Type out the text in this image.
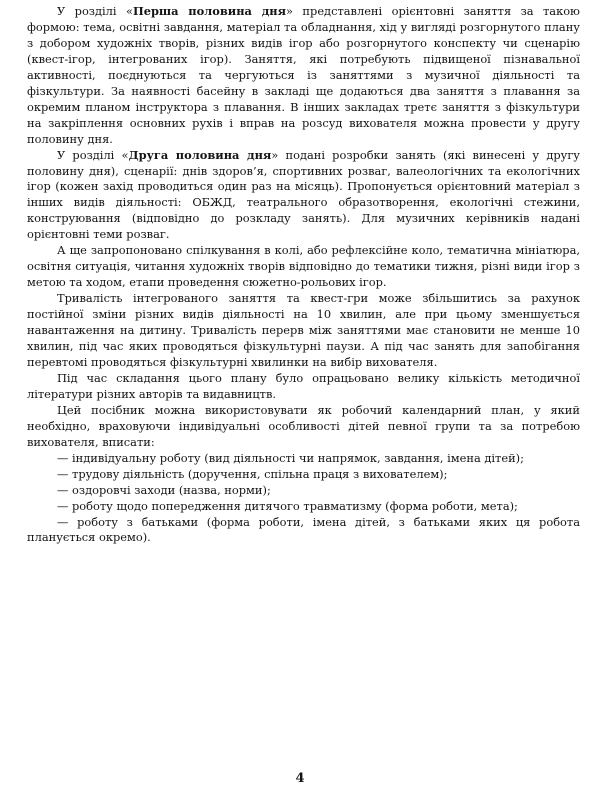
У розділі «Перша половина дня» представлені орієнтовні заняття за такою формою: тема, освітні завдання, матеріал та обладнання, хід у вигляді розгорнутого плану з добором художніх творів, різних видів ігор або розгорнутого конспекту чи сценарію (квест-ігор, інтегрованих ігор). Заняття, які потребують підвищеної пізнавальної активності, поєднуються та чергуються із заняттями з музичної діяльності та фізкультури. За наявності басейну в закладі ще додаються два заняття з плавання за окремим планом інструктора з плавання. В інших закладах третє заняття з фізкультури на закріплення основних рухів і вправ на розсуд вихователя можна провести у другу половину дня.

У розділі «Друга половина дня» подані розробки занять (які винесені у другу половину дня), сценарії: днів здоров’я, спортивних розваг, валеологічних та екологічних ігор (кожен захід проводиться один раз на місяць). Пропонується орієнтовний матеріал з інших видів діяльності: ОБЖД, театрального образотворення, екологічні стежини, конструювання (відповідно до розкладу занять). Для музичних керівників надані орієнтовні теми розваг.

А ще запропоновано спілкування в колі, або рефлексійне коло, тематична мініатюра, освітня ситуація, читання художніх творів відповідно до тематики тижня, різні види ігор з метою та ходом, етапи проведення сюжетно-рольових ігор.

Тривалість інтегрованого заняття та квест-гри може збільшитись за рахунок постійної зміни різних видів діяльності на 10 хвилин, але при цьому зменшується навантаження на дитину. Тривалість перерв між заняттями має становити не менше 10 хвилин, під час яких проводяться фізкультурні паузи. А під час занять для запобігання перевтомі проводяться фізкультурні хвилинки на вибір вихователя.

Під час складання цього плану було опрацьовано велику кількість методичної літератури різних авторів та видавництв.

Цей посібник можна використовувати як робочий календарний план, у який необхідно, враховуючи індивідуальні особливості дітей певної групи та за потребою вихователя, вписати:

— індивідуальну роботу (вид діяльності чи напрямок, завдання, імена дітей);

— трудову діяльність (доручення, спільна праця з вихователем);

— оздоровчі заходи (назва, норми);

— роботу щодо попередження дитячого травматизму (форма роботи, мета);

— роботу з батьками (форма роботи, імена дітей, з батьками яких ця робота планується окремо).

4
